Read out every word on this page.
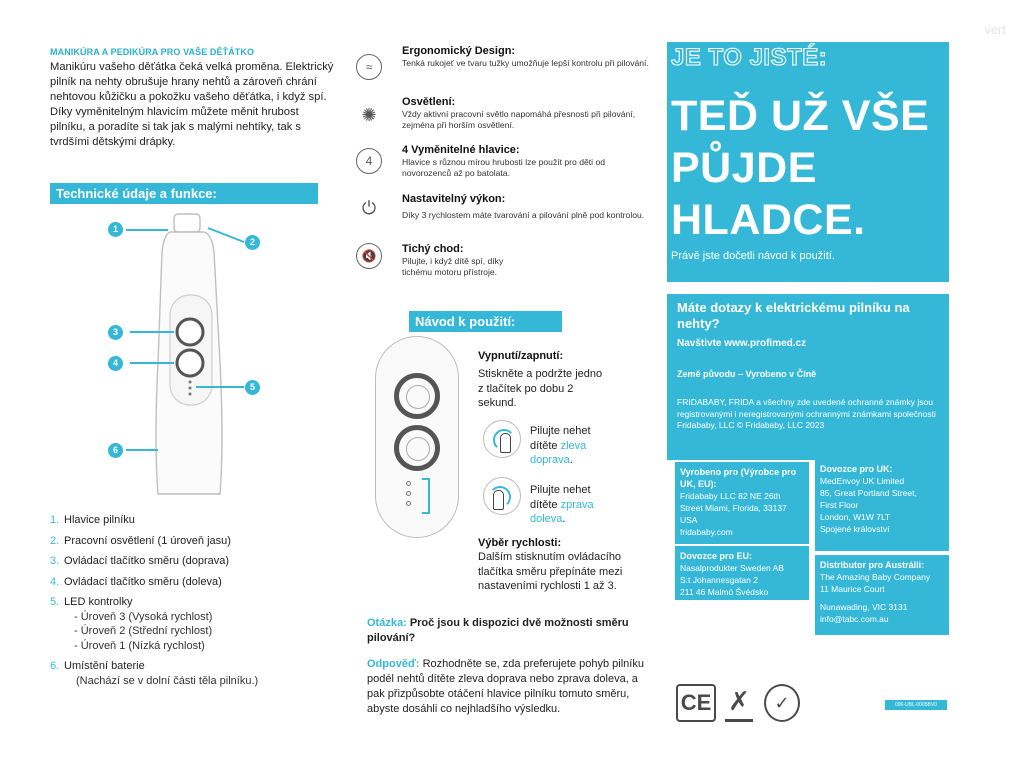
vert
MANIKÚRA A PEDIKÚRA PRO VAŠE DĚŤÁTKO
Manikúru vašeho děťátka čeká velká proměna. Elektrický pilník na nehty obrušuje hrany nehtů a zároveň chrání nehtovou kůžičku a pokožku vašeho děťátka, i když spí. Díky vyměnitelným hlavicím můžete měnit hrubost pilníku, a poradíte si tak jak s malými nehtíky, tak s tvrdšími dětskými drápky.
Technické údaje a funkce:
1
2
3
4
5
6
1. Hlavice pilníku
2. Pracovní osvětlení (1 úroveň jasu)
3. Ovládací tlačítko směru (doprava)
4. Ovládací tlačítko směru (doleva)
5. LED kontrolky
- Úroveň 3 (Vysoká rychlost)
- Úroveň 2 (Střední rychlost)
- Úroveň 1 (Nízká rychlost)
6. Umístění baterie
(Nachází se v dolní části těla pilníku.)
≈
Ergonomický Design:
Tenká rukojeť ve tvaru tužky umožňuje lepší kontrolu při pilování.
✺
Osvětlení:
Vždy aktivní pracovní světlo napomáhá přesnosti při pilování, zejména při horším osvětlení.
4
4 Vyměnitelné hlavice:
Hlavice s různou mírou hrubosti lze použít pro děti od novorozenců až po batolata.
⏻	Nastavitelný výkon:
Díky 3 rychlostem máte tvarování a pilování plně pod kontrolou.
🔇	Tichý chod:
Pilujte, i když dítě spí, díky tichému motoru přístroje.
Návod k použití:
Vypnutí/zapnutí:
Stiskněte a podržte jedno z tlačítek po dobu 2 sekund.
Pilujte nehet dítěte zleva doprava.
Pilujte nehet dítěte zprava doleva.
Výběr rychlosti:
Dalším stisknutím ovládacího tlačítka směru přepínáte mezi nastaveními rychlosti 1 až 3.
Otázka: Proč jsou k dispozici dvě možnosti směru pilování?
Odpověď: Rozhodněte se, zda preferujete pohyb pilníku podél nehtů dítěte zleva doprava nebo zprava doleva, a pak přizpůsobte otáčení hlavice pilníku tomuto směru, abyste dosáhli co nejhladšího výsledku.
JE TO JISTÉ:
TEĎ UŽ VŠE
PŮJDE
HLADCE.
Právě jste dočetli návod k použití.
Máte dotazy k elektrickému pilníku na nehty?
Navštivte www.profimed.cz
Země původu – Vyrobeno v Číně
FRIDABABY, FRIDA a všechny zde uvedené ochranné známky jsou registrovanými i neregistrovanými ochrannými známkami společnosti Fridababy, LLC © Fridababy, LLC 2023
Vyrobeno pro (Výrobce pro UK, EU):
Fridababy LLC 82 NE 26th
Street Miami, Florida, 33137
USA
fridababy.com
Dovozce pro EU:
Nasalprodukter Sweden AB
S:t Johannesgatan 2
211 46 Malmö Švédsko
Dovozce pro UK:
MedEnvoy UK Limited
85, Great Portland Street,
First Floor
London, W1W 7LT
Spojené království
Distributor pro Austrálii:
The Amazing Baby Company
11 Maurice Court
Nunawading, VIC 3131
info@tabc.com.au
CE ✗	✓	096-UBL-0005BV0
